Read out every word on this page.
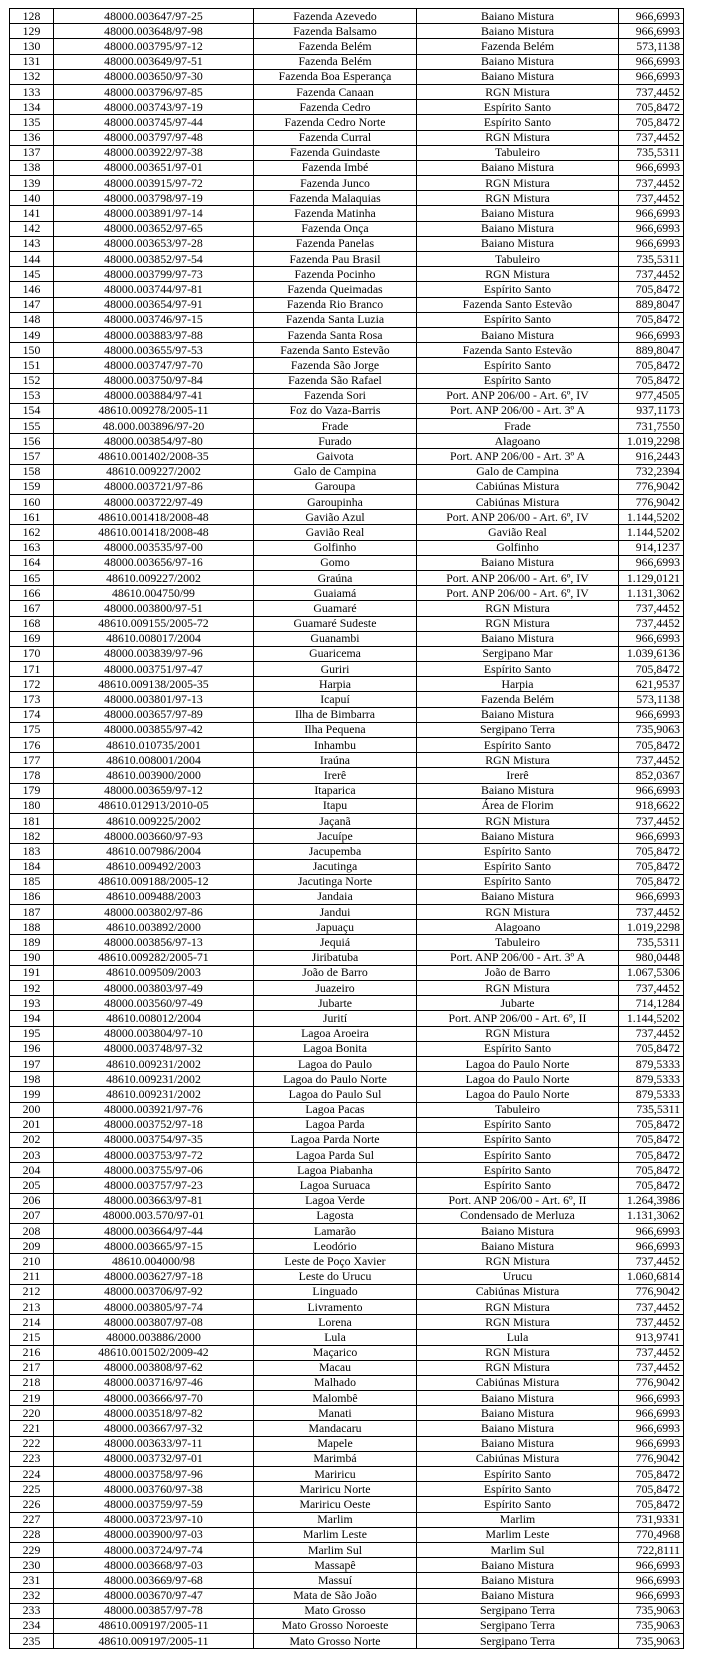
128	48000.003647/97-25	Fazenda Azevedo	Baiano Mistura	966,6993
129	48000.003648/97-98	Fazenda Balsamo	Baiano Mistura	966,6993
130	48000.003795/97-12	Fazenda Belém	Fazenda Belém	573,1138
131	48000.003649/97-51	Fazenda Belém	Baiano Mistura	966,6993
132	48000.003650/97-30	Fazenda Boa Esperança	Baiano Mistura	966,6993
133	48000.003796/97-85	Fazenda Canaan	RGN Mistura	737,4452
134	48000.003743/97-19	Fazenda Cedro	Espírito Santo	705,8472
135	48000.003745/97-44	Fazenda Cedro Norte	Espírito Santo	705,8472
136	48000.003797/97-48	Fazenda Curral	RGN Mistura	737,4452
137	48000.003922/97-38	Fazenda Guindaste	Tabuleiro	735,5311
138	48000.003651/97-01	Fazenda Imbé	Baiano Mistura	966,6993
139	48000.003915/97-72	Fazenda Junco	RGN Mistura	737,4452
140	48000.003798/97-19	Fazenda Malaquias	RGN Mistura	737,4452
141	48000.003891/97-14	Fazenda Matinha	Baiano Mistura	966,6993
142	48000.003652/97-65	Fazenda Onça	Baiano Mistura	966,6993
143	48000.003653/97-28	Fazenda Panelas	Baiano Mistura	966,6993
144	48000.003852/97-54	Fazenda Pau Brasil	Tabuleiro	735,5311
145	48000.003799/97-73	Fazenda Pocinho	RGN Mistura	737,4452
146	48000.003744/97-81	Fazenda Queimadas	Espírito Santo	705,8472
147	48000.003654/97-91	Fazenda Rio Branco	Fazenda Santo Estevão	889,8047
148	48000.003746/97-15	Fazenda Santa Luzia	Espírito Santo	705,8472
149	48000.003883/97-88	Fazenda Santa Rosa	Baiano Mistura	966,6993
150	48000.003655/97-53	Fazenda Santo Estevão	Fazenda Santo Estevão	889,8047
151	48000.003747/97-70	Fazenda São Jorge	Espírito Santo	705,8472
152	48000.003750/97-84	Fazenda São Rafael	Espírito Santo	705,8472
153	48000.003884/97-41	Fazenda Sori	Port. ANP 206/00 - Art. 6º, IV	977,4505
154	48610.009278/2005-11	Foz do Vaza-Barris	Port. ANP 206/00 - Art. 3º A	937,1173
155	48.000.003896/97-20	Frade	Frade	731,7550
156	48000.003854/97-80	Furado	Alagoano	1.019,2298
157	48610.001402/2008-35	Gaivota	Port. ANP 206/00 - Art. 3º A	916,2443
158	48610.009227/2002	Galo de Campina	Galo de Campina	732,2394
159	48000.003721/97-86	Garoupa	Cabiúnas Mistura	776,9042
160	48000.003722/97-49	Garoupinha	Cabiúnas Mistura	776,9042
161	48610.001418/2008-48	Gavião Azul	Port. ANP 206/00 - Art. 6º, IV	1.144,5202
162	48610.001418/2008-48	Gavião Real	Gavião Real	1.144,5202
163	48000.003535/97-00	Golfinho	Golfinho	914,1237
164	48000.003656/97-16	Gomo	Baiano Mistura	966,6993
165	48610.009227/2002	Graúna	Port. ANP 206/00 - Art. 6º, IV	1.129,0121
166	48610.004750/99	Guaiamá	Port. ANP 206/00 - Art. 6º, IV	1.131,3062
167	48000.003800/97-51	Guamaré	RGN Mistura	737,4452
168	48610.009155/2005-72	Guamaré Sudeste	RGN Mistura	737,4452
169	48610.008017/2004	Guanambi	Baiano Mistura	966,6993
170	48000.003839/97-96	Guaricema	Sergipano Mar	1.039,6136
171	48000.003751/97-47	Guriri	Espírito Santo	705,8472
172	48610.009138/2005-35	Harpia	Harpia	621,9537
173	48000.003801/97-13	Icapuí	Fazenda Belém	573,1138
174	48000.003657/97-89	Ilha de Bimbarra	Baiano Mistura	966,6993
175	48000.003855/97-42	Ilha Pequena	Sergipano Terra	735,9063
176	48610.010735/2001	Inhambu	Espírito Santo	705,8472
177	48610.008001/2004	Iraúna	RGN Mistura	737,4452
178	48610.003900/2000	Irerê	Irerê	852,0367
179	48000.003659/97-12	Itaparica	Baiano Mistura	966,6993
180	48610.012913/2010-05	Itapu	Área de Florim	918,6622
181	48610.009225/2002	Jaçanã	RGN Mistura	737,4452
182	48000.003660/97-93	Jacuípe	Baiano Mistura	966,6993
183	48610.007986/2004	Jacupemba	Espírito Santo	705,8472
184	48610.009492/2003	Jacutinga	Espírito Santo	705,8472
185	48610.009188/2005-12	Jacutinga Norte	Espírito Santo	705,8472
186	48610.009488/2003	Jandaia	Baiano Mistura	966,6993
187	48000.003802/97-86	Jandui	RGN Mistura	737,4452
188	48610.003892/2000	Japuaçu	Alagoano	1.019,2298
189	48000.003856/97-13	Jequiá	Tabuleiro	735,5311
190	48610.009282/2005-71	Jiribatuba	Port. ANP 206/00 - Art. 3º A	980,0448
191	48610.009509/2003	João de Barro	João de Barro	1.067,5306
192	48000.003803/97-49	Juazeiro	RGN Mistura	737,4452
193	48000.003560/97-49	Jubarte	Jubarte	714,1284
194	48610.008012/2004	Jurití	Port. ANP 206/00 - Art. 6º, II	1.144,5202
195	48000.003804/97-10	Lagoa Aroeira	RGN Mistura	737,4452
196	48000.003748/97-32	Lagoa Bonita	Espírito Santo	705,8472
197	48610.009231/2002	Lagoa do Paulo	Lagoa do Paulo Norte	879,5333
198	48610.009231/2002	Lagoa do Paulo Norte	Lagoa do Paulo Norte	879,5333
199	48610.009231/2002	Lagoa do Paulo Sul	Lagoa do Paulo Norte	879,5333
200	48000.003921/97-76	Lagoa Pacas	Tabuleiro	735,5311
201	48000.003752/97-18	Lagoa Parda	Espírito Santo	705,8472
202	48000.003754/97-35	Lagoa Parda Norte	Espírito Santo	705,8472
203	48000.003753/97-72	Lagoa Parda Sul	Espírito Santo	705,8472
204	48000.003755/97-06	Lagoa Piabanha	Espírito Santo	705,8472
205	48000.003757/97-23	Lagoa Suruaca	Espírito Santo	705,8472
206	48000.003663/97-81	Lagoa Verde	Port. ANP 206/00 - Art. 6º, II	1.264,3986
207	48000.003.570/97-01	Lagosta	Condensado de Merluza	1.131,3062
208	48000.003664/97-44	Lamarão	Baiano Mistura	966,6993
209	48000.003665/97-15	Leodório	Baiano Mistura	966,6993
210	48610.004000/98	Leste de Poço Xavier	RGN Mistura	737,4452
211	48000.003627/97-18	Leste do Urucu	Urucu	1.060,6814
212	48000.003706/97-92	Linguado	Cabiúnas Mistura	776,9042
213	48000.003805/97-74	Livramento	RGN Mistura	737,4452
214	48000.003807/97-08	Lorena	RGN Mistura	737,4452
215	48000.003886/2000	Lula	Lula	913,9741
216	48610.001502/2009-42	Maçarico	RGN Mistura	737,4452
217	48000.003808/97-62	Macau	RGN Mistura	737,4452
218	48000.003716/97-46	Malhado	Cabiúnas Mistura	776,9042
219	48000.003666/97-70	Malombê	Baiano Mistura	966,6993
220	48000.003518/97-82	Manati	Baiano Mistura	966,6993
221	48000.003667/97-32	Mandacaru	Baiano Mistura	966,6993
222	48000.003633/97-11	Mapele	Baiano Mistura	966,6993
223	48000.003732/97-01	Marimbá	Cabiúnas Mistura	776,9042
224	48000.003758/97-96	Mariricu	Espírito Santo	705,8472
225	48000.003760/97-38	Mariricu Norte	Espírito Santo	705,8472
226	48000.003759/97-59	Mariricu Oeste	Espírito Santo	705,8472
227	48000.003723/97-10	Marlim	Marlim	731,9331
228	48000.003900/97-03	Marlim Leste	Marlim Leste	770,4968
229	48000.003724/97-74	Marlim Sul	Marlim Sul	722,8111
230	48000.003668/97-03	Massapê	Baiano Mistura	966,6993
231	48000.003669/97-68	Massuí	Baiano Mistura	966,6993
232	48000.003670/97-47	Mata de São João	Baiano Mistura	966,6993
233	48000.003857/97-78	Mato Grosso	Sergipano Terra	735,9063
234	48610.009197/2005-11	Mato Grosso Noroeste	Sergipano Terra	735,9063
235	48610.009197/2005-11	Mato Grosso Norte	Sergipano Terra	735,9063
